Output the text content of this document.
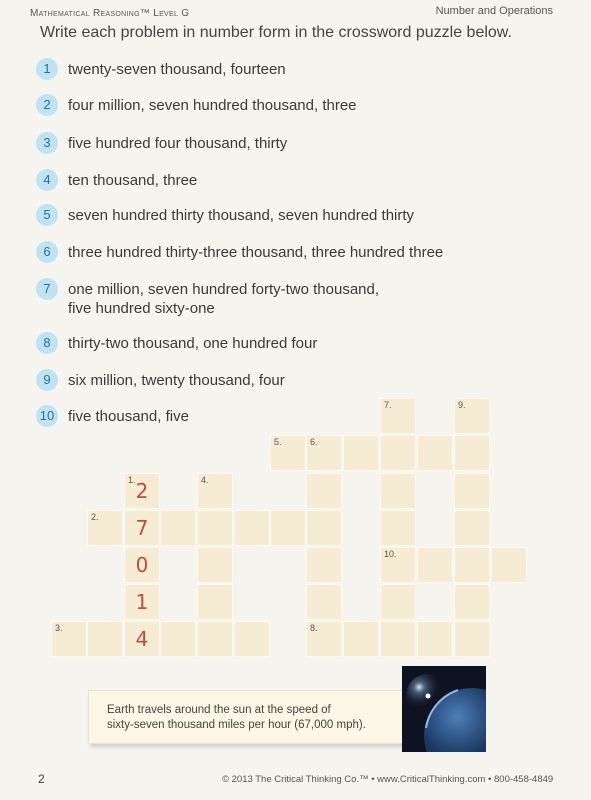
Mathematical Reasoning™ Level G	Number and Operations
Write each problem in number form in the crossword puzzle below.
1	twenty-seven thousand, fourteen
2	four million, seven hundred thousand, three
3	five hundred four thousand, thirty
4	ten thousand, three
5	seven hundred thirty thousand, seven hundred thirty
6	three hundred thirty-three thousand, three hundred three
7	one million, seven hundred forty-two thousand,
five hundred sixty-one
8	thirty-two thousand, one hundred four
9	six million, twenty thousand, four
10 five thousand, five
7.	9.
5.	6.
1. 2	4.
2.	7
0	10.
1
3.	4	8.
Earth travels around the sun at the speed of
sixty-seven thousand miles per hour (67,000 mph).
2	© 2013 The Critical Thinking Co.™ • www.CriticalThinking.com • 800-458-4849
